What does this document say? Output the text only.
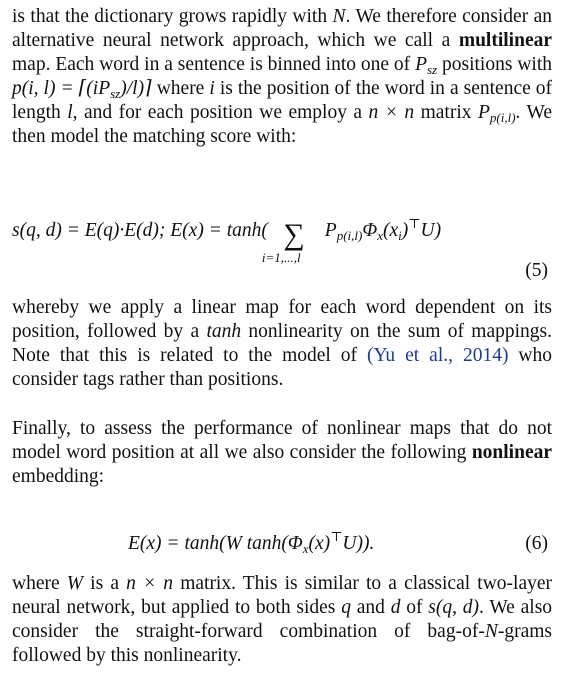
is that the dictionary grows rapidly with N. We therefore consider an alternative neural network approach, which we call a multilinear map. Each word in a sentence is binned into one of $P_{sz}$ positions with p(i, $l) = ⌈(iP_{sz})/l)⌉$ where i is the position of the word in a sentence of length l, and for each position we employ a n × n matrix $P_{p(i,l)}$. We then model the matching score with:
s(q, d) = E(q)·E(d); E(x) = tanh( ∑
i=1,...,l
$P_{p(i,l)}\Phi_x(x_i)^⊤U$)
(5)
whereby we apply a linear map for each word dependent on its position, followed by a tanh nonlinearity on the sum of mappings. Note that this is related to the model of (Yu et al., 2014) who consider tags rather than positions.
Finally, to assess the performance of nonlinear maps that do not model word position at all we also consider the following nonlinear embedding:
E(x) = tanh(W $\tanh(\Phi_x(x)^⊤U)$).	(6)
where W is a n × n matrix. This is similar to a classical two-layer neural network, but applied to both sides q and d of s(q, d). We also consider the straight-forward combination of bag-of-N-grams followed by this nonlinearity.
